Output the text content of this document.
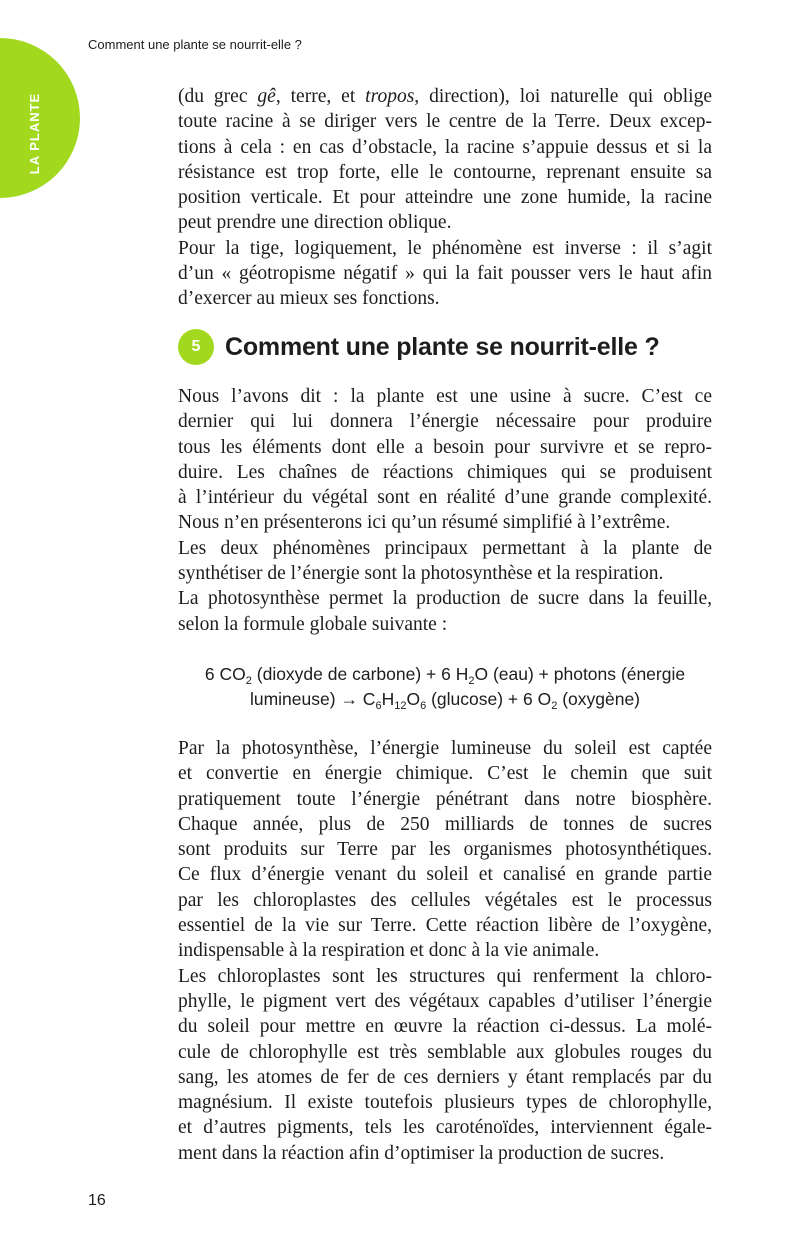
LA PLANTE
Comment une plante se nourrit-elle ?
(du grec gê, terre, et tropos, direction), loi naturelle qui oblige
toute racine à se diriger vers le centre de la Terre. Deux excep-
tions à cela : en cas d’obstacle, la racine s’appuie dessus et si la
résistance est trop forte, elle le contourne, reprenant ensuite sa
position verticale. Et pour atteindre une zone humide, la racine
peut prendre une direction oblique.
Pour la tige, logiquement, le phénomène est inverse : il s’agit
d’un « géotropisme négatif » qui la fait pousser vers le haut afin
d’exercer au mieux ses fonctions.
5 Comment une plante se nourrit-elle ?
Nous l’avons dit : la plante est une usine à sucre. C’est ce
dernier qui lui donnera l’énergie nécessaire pour produire
tous les éléments dont elle a besoin pour survivre et se repro-
duire. Les chaînes de réactions chimiques qui se produisent
à l’intérieur du végétal sont en réalité d’une grande complexité.
Nous n’en présenterons ici qu’un résumé simplifié à l’extrême.
Les deux phénomènes principaux permettant à la plante de
synthétiser de l’énergie sont la photosynthèse et la respiration.
La photosynthèse permet la production de sucre dans la feuille,
selon la formule globale suivante :
6 $CO_2$ (dioxyde de carbone) + 6 $H_2O$ (eau) + photons (énergie
lumineuse) → $C_6H_{12}O_6$ (glucose) + 6 $O_2$ (oxygène)
Par la photosynthèse, l’énergie lumineuse du soleil est captée
et convertie en énergie chimique. C’est le chemin que suit
pratiquement toute l’énergie pénétrant dans notre biosphère.
Chaque année, plus de 250 milliards de tonnes de sucres
sont produits sur Terre par les organismes photosynthétiques.
Ce flux d’énergie venant du soleil et canalisé en grande partie
par les chloroplastes des cellules végétales est le processus
essentiel de la vie sur Terre. Cette réaction libère de l’oxygène,
indispensable à la respiration et donc à la vie animale.
Les chloroplastes sont les structures qui renferment la chloro-
phylle, le pigment vert des végétaux capables d’utiliser l’énergie
du soleil pour mettre en œuvre la réaction ci-dessus. La molé-
cule de chlorophylle est très semblable aux globules rouges du
sang, les atomes de fer de ces derniers y étant remplacés par du
magnésium. Il existe toutefois plusieurs types de chlorophylle,
et d’autres pigments, tels les caroténoïdes, interviennent égale-
ment dans la réaction afin d’optimiser la production de sucres.
16
